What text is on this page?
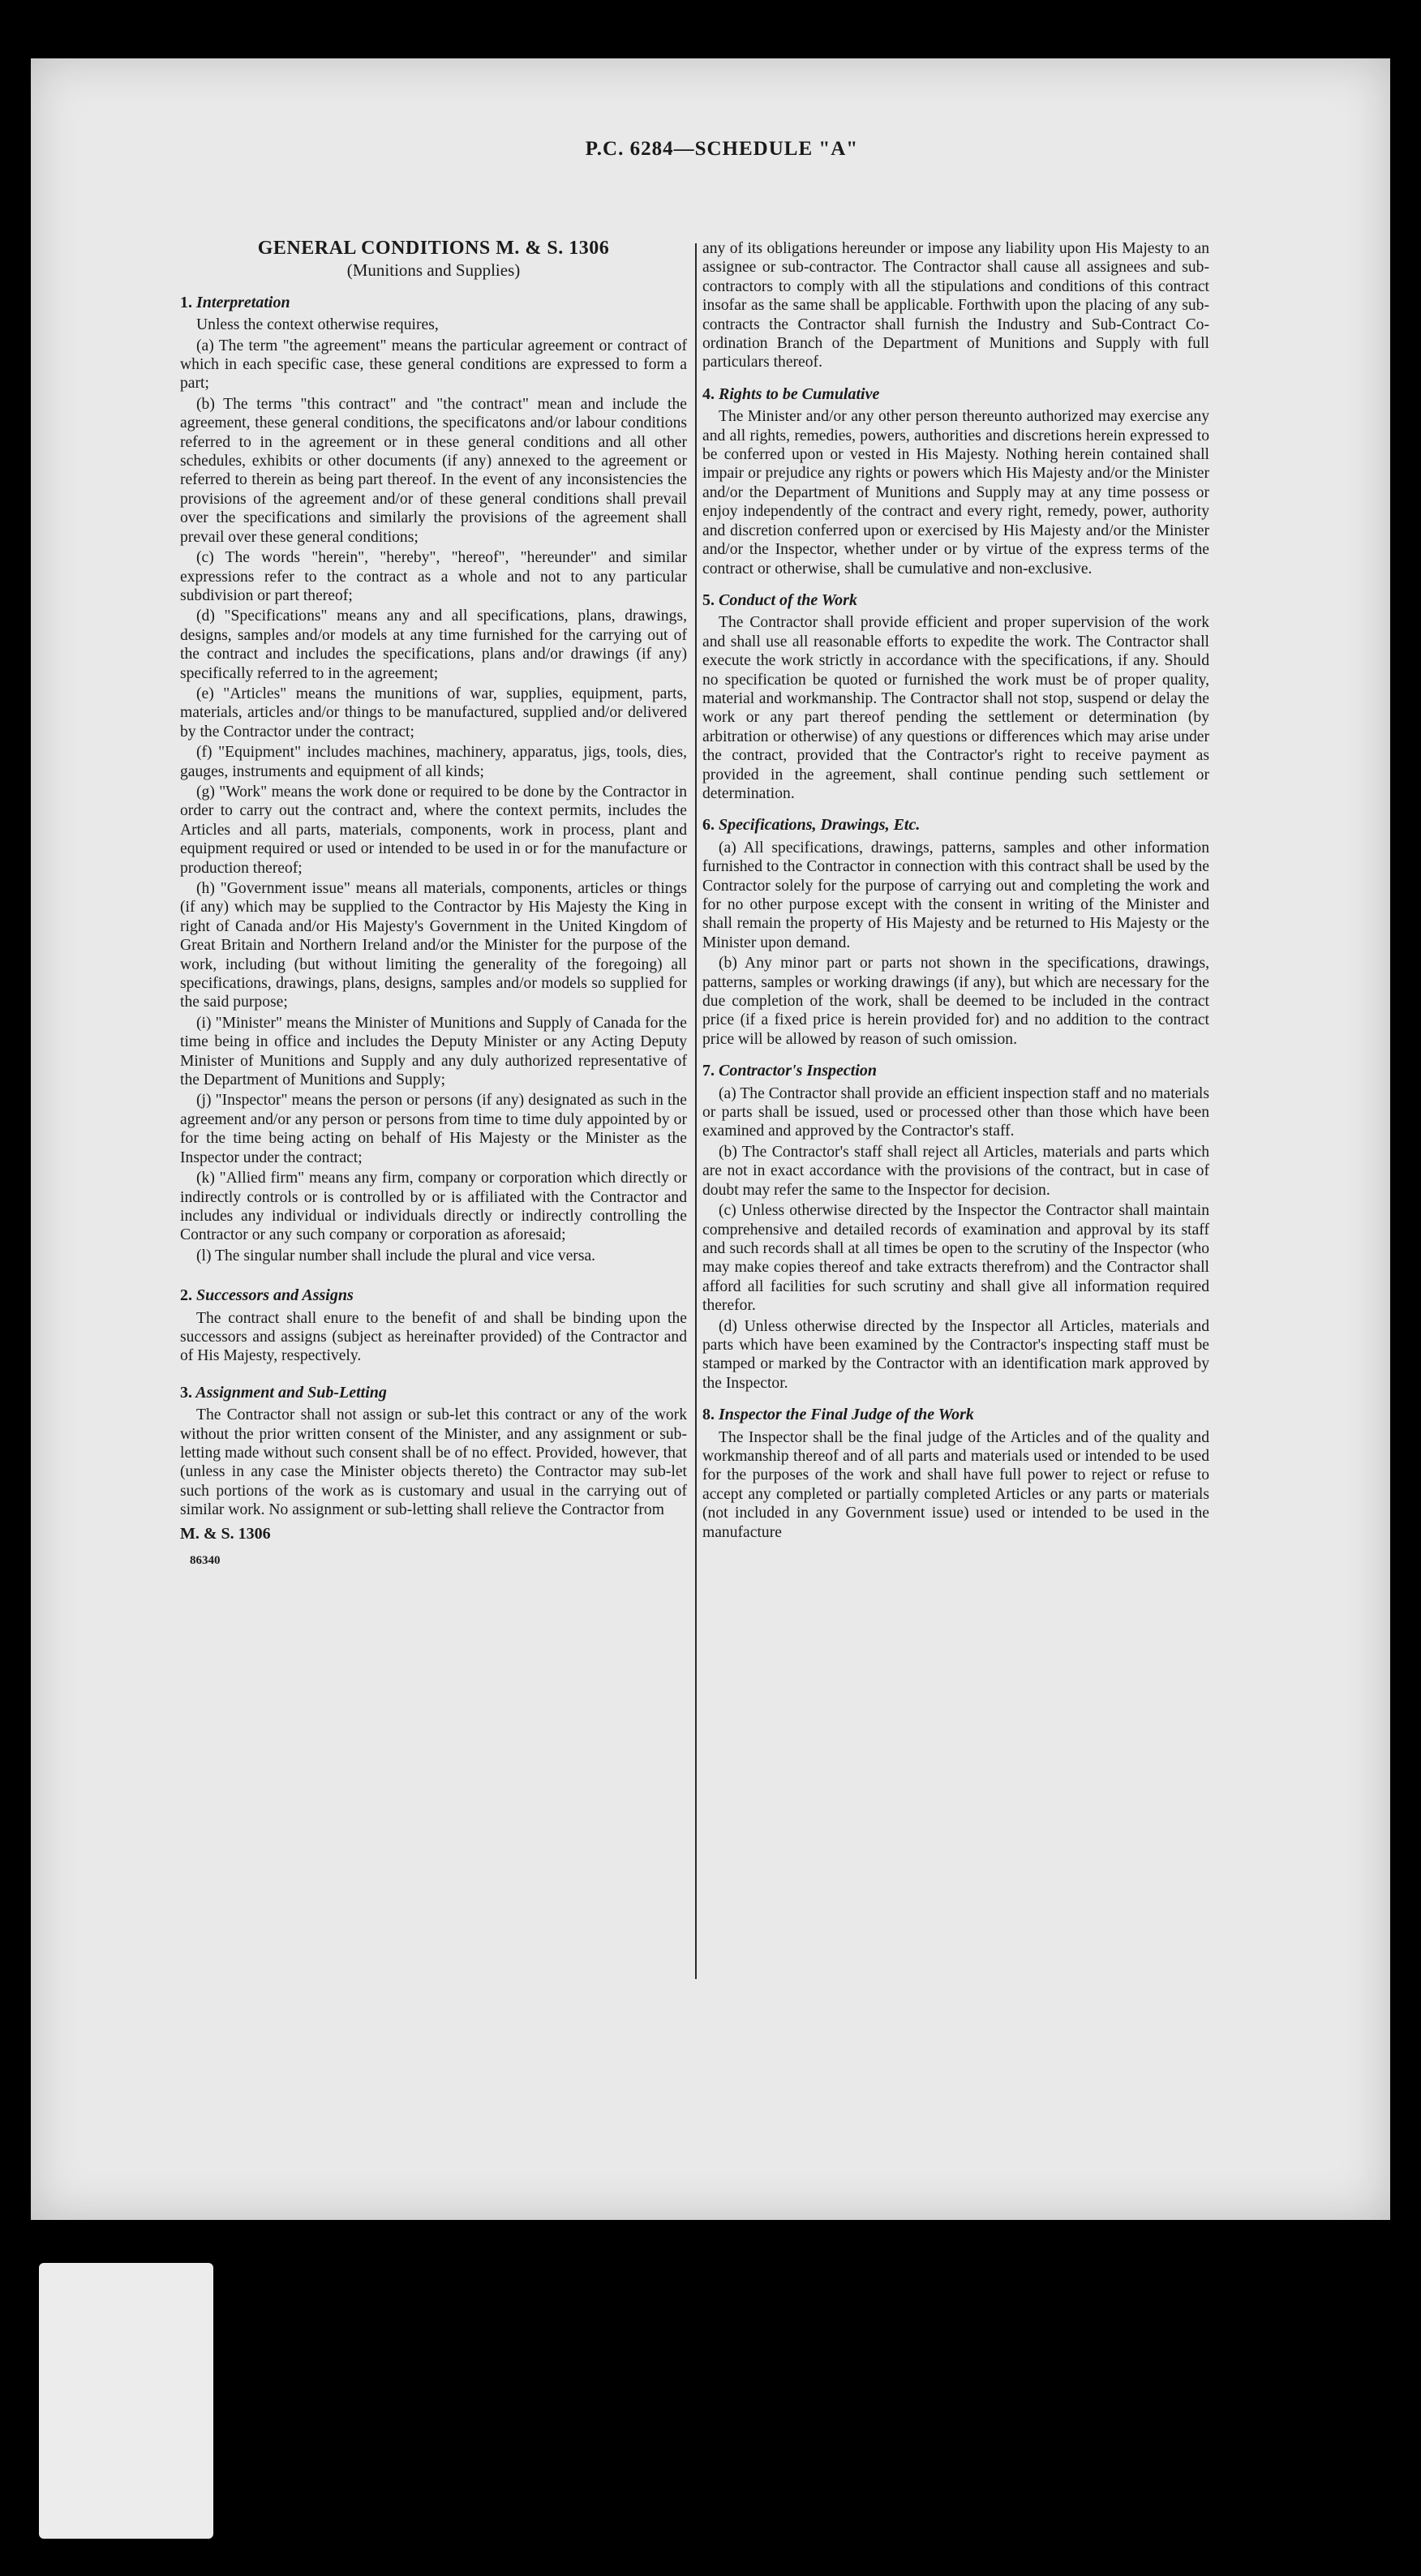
P.C. 6284—SCHEDULE "A"
GENERAL CONDITIONS M. & S. 1306
(Munitions and Supplies)
1. Interpretation

Unless the context otherwise requires,

(a) The term "the agreement" means the particular agreement or contract of which in each specific case, these general conditions are expressed to form a part;

(b) The terms "this contract" and "the contract" mean and include the agreement, these general conditions, the specificatons and/or labour conditions referred to in the agreement or in these general conditions and all other schedules, exhibits or other documents (if any) annexed to the agreement or referred to therein as being part thereof. In the event of any inconsistencies the provisions of the agreement and/or of these general conditions shall prevail over the specifications and similarly the provisions of the agreement shall prevail over these general conditions;

(c) The words "herein", "hereby", "hereof", "hereunder" and similar expressions refer to the contract as a whole and not to any particular subdivision or part thereof;

(d) "Specifications" means any and all specifications, plans, drawings, designs, samples and/or models at any time furnished for the carrying out of the contract and includes the specifications, plans and/or drawings (if any) specifically referred to in the agreement;

(e) "Articles" means the munitions of war, supplies, equipment, parts, materials, articles and/or things to be manufactured, supplied and/or delivered by the Contractor under the contract;

(f) "Equipment" includes machines, machinery, apparatus, jigs, tools, dies, gauges, instruments and equipment of all kinds;

(g) "Work" means the work done or required to be done by the Contractor in order to carry out the contract and, where the context permits, includes the Articles and all parts, materials, components, work in process, plant and equipment required or used or intended to be used in or for the manufacture or production thereof;

(h) "Government issue" means all materials, components, articles or things (if any) which may be supplied to the Contractor by His Majesty the King in right of Canada and/or His Majesty's Government in the United Kingdom of Great Britain and Northern Ireland and/or the Minister for the purpose of the work, including (but without limiting the generality of the foregoing) all specifications, drawings, plans, designs, samples and/or models so supplied for the said purpose;

(i) "Minister" means the Minister of Munitions and Supply of Canada for the time being in office and includes the Deputy Minister or any Acting Deputy Minister of Munitions and Supply and any duly authorized representative of the Department of Munitions and Supply;

(j) "Inspector" means the person or persons (if any) designated as such in the agreement and/or any person or persons from time to time duly appointed by or for the time being acting on behalf of His Majesty or the Minister as the Inspector under the contract;

(k) "Allied firm" means any firm, company or corporation which directly or indirectly controls or is controlled by or is affiliated with the Contractor and includes any individual or individuals directly or indirectly controlling the Contractor or any such company or corporation as aforesaid;

(l) The singular number shall include the plural and vice versa.

2. Successors and Assigns

The contract shall enure to the benefit of and shall be binding upon the successors and assigns (subject as hereinafter provided) of the Contractor and of His Majesty, respectively.

3. Assignment and Sub-Letting

The Contractor shall not assign or sub-let this contract or any of the work without the prior written consent of the Minister, and any assignment or sub-letting made without such consent shall be of no effect. Provided, however, that (unless in any case the Minister objects thereto) the Contractor may sub-let such portions of the work as is customary and usual in the carrying out of similar work. No assignment or sub-letting shall relieve the Contractor from

M. & S. 1306
86340

any of its obligations hereunder or impose any liability upon His Majesty to an assignee or sub-contractor. The Contractor shall cause all assignees and sub-contractors to comply with all the stipulations and conditions of this contract insofar as the same shall be applicable. Forthwith upon the placing of any sub-contracts the Contractor shall furnish the Industry and Sub-Contract Co-ordination Branch of the Department of Munitions and Supply with full particulars thereof.

4. Rights to be Cumulative

The Minister and/or any other person thereunto authorized may exercise any and all rights, remedies, powers, authorities and discretions herein expressed to be conferred upon or vested in His Majesty. Nothing herein contained shall impair or prejudice any rights or powers which His Majesty and/or the Minister and/or the Department of Munitions and Supply may at any time possess or enjoy independently of the contract and every right, remedy, power, authority and discretion conferred upon or exercised by His Majesty and/or the Minister and/or the Inspector, whether under or by virtue of the express terms of the contract or otherwise, shall be cumulative and non-exclusive.

5. Conduct of the Work

The Contractor shall provide efficient and proper supervision of the work and shall use all reasonable efforts to expedite the work. The Contractor shall execute the work strictly in accordance with the specifications, if any. Should no specification be quoted or furnished the work must be of proper quality, material and workmanship. The Contractor shall not stop, suspend or delay the work or any part thereof pending the settlement or determination (by arbitration or otherwise) of any questions or differences which may arise under the contract, provided that the Contractor's right to receive payment as provided in the agreement, shall continue pending such settlement or determination.

6. Specifications, Drawings, Etc.

(a) All specifications, drawings, patterns, samples and other information furnished to the Contractor in connection with this contract shall be used by the Contractor solely for the purpose of carrying out and completing the work and for no other purpose except with the consent in writing of the Minister and shall remain the property of His Majesty and be returned to His Majesty or the Minister upon demand.

(b) Any minor part or parts not shown in the specifications, drawings, patterns, samples or working drawings (if any), but which are necessary for the due completion of the work, shall be deemed to be included in the contract price (if a fixed price is herein provided for) and no addition to the contract price will be allowed by reason of such omission.

7. Contractor's Inspection

(a) The Contractor shall provide an efficient inspection staff and no materials or parts shall be issued, used or processed other than those which have been examined and approved by the Contractor's staff.

(b) The Contractor's staff shall reject all Articles, materials and parts which are not in exact accordance with the provisions of the contract, but in case of doubt may refer the same to the Inspector for decision.

(c) Unless otherwise directed by the Inspector the Contractor shall maintain comprehensive and detailed records of examination and approval by its staff and such records shall at all times be open to the scrutiny of the Inspector (who may make copies thereof and take extracts therefrom) and the Contractor shall afford all facilities for such scrutiny and shall give all information required therefor.

(d) Unless otherwise directed by the Inspector all Articles, materials and parts which have been examined by the Contractor's inspecting staff must be stamped or marked by the Contractor with an identification mark approved by the Inspector.

8. Inspector the Final Judge of the Work

The Inspector shall be the final judge of the Articles and of the quality and workmanship thereof and of all parts and materials used or intended to be used for the purposes of the work and shall have full power to reject or refuse to accept any completed or partially completed Articles or any parts or materials (not included in any Government issue) used or intended to be used in the manufacture
